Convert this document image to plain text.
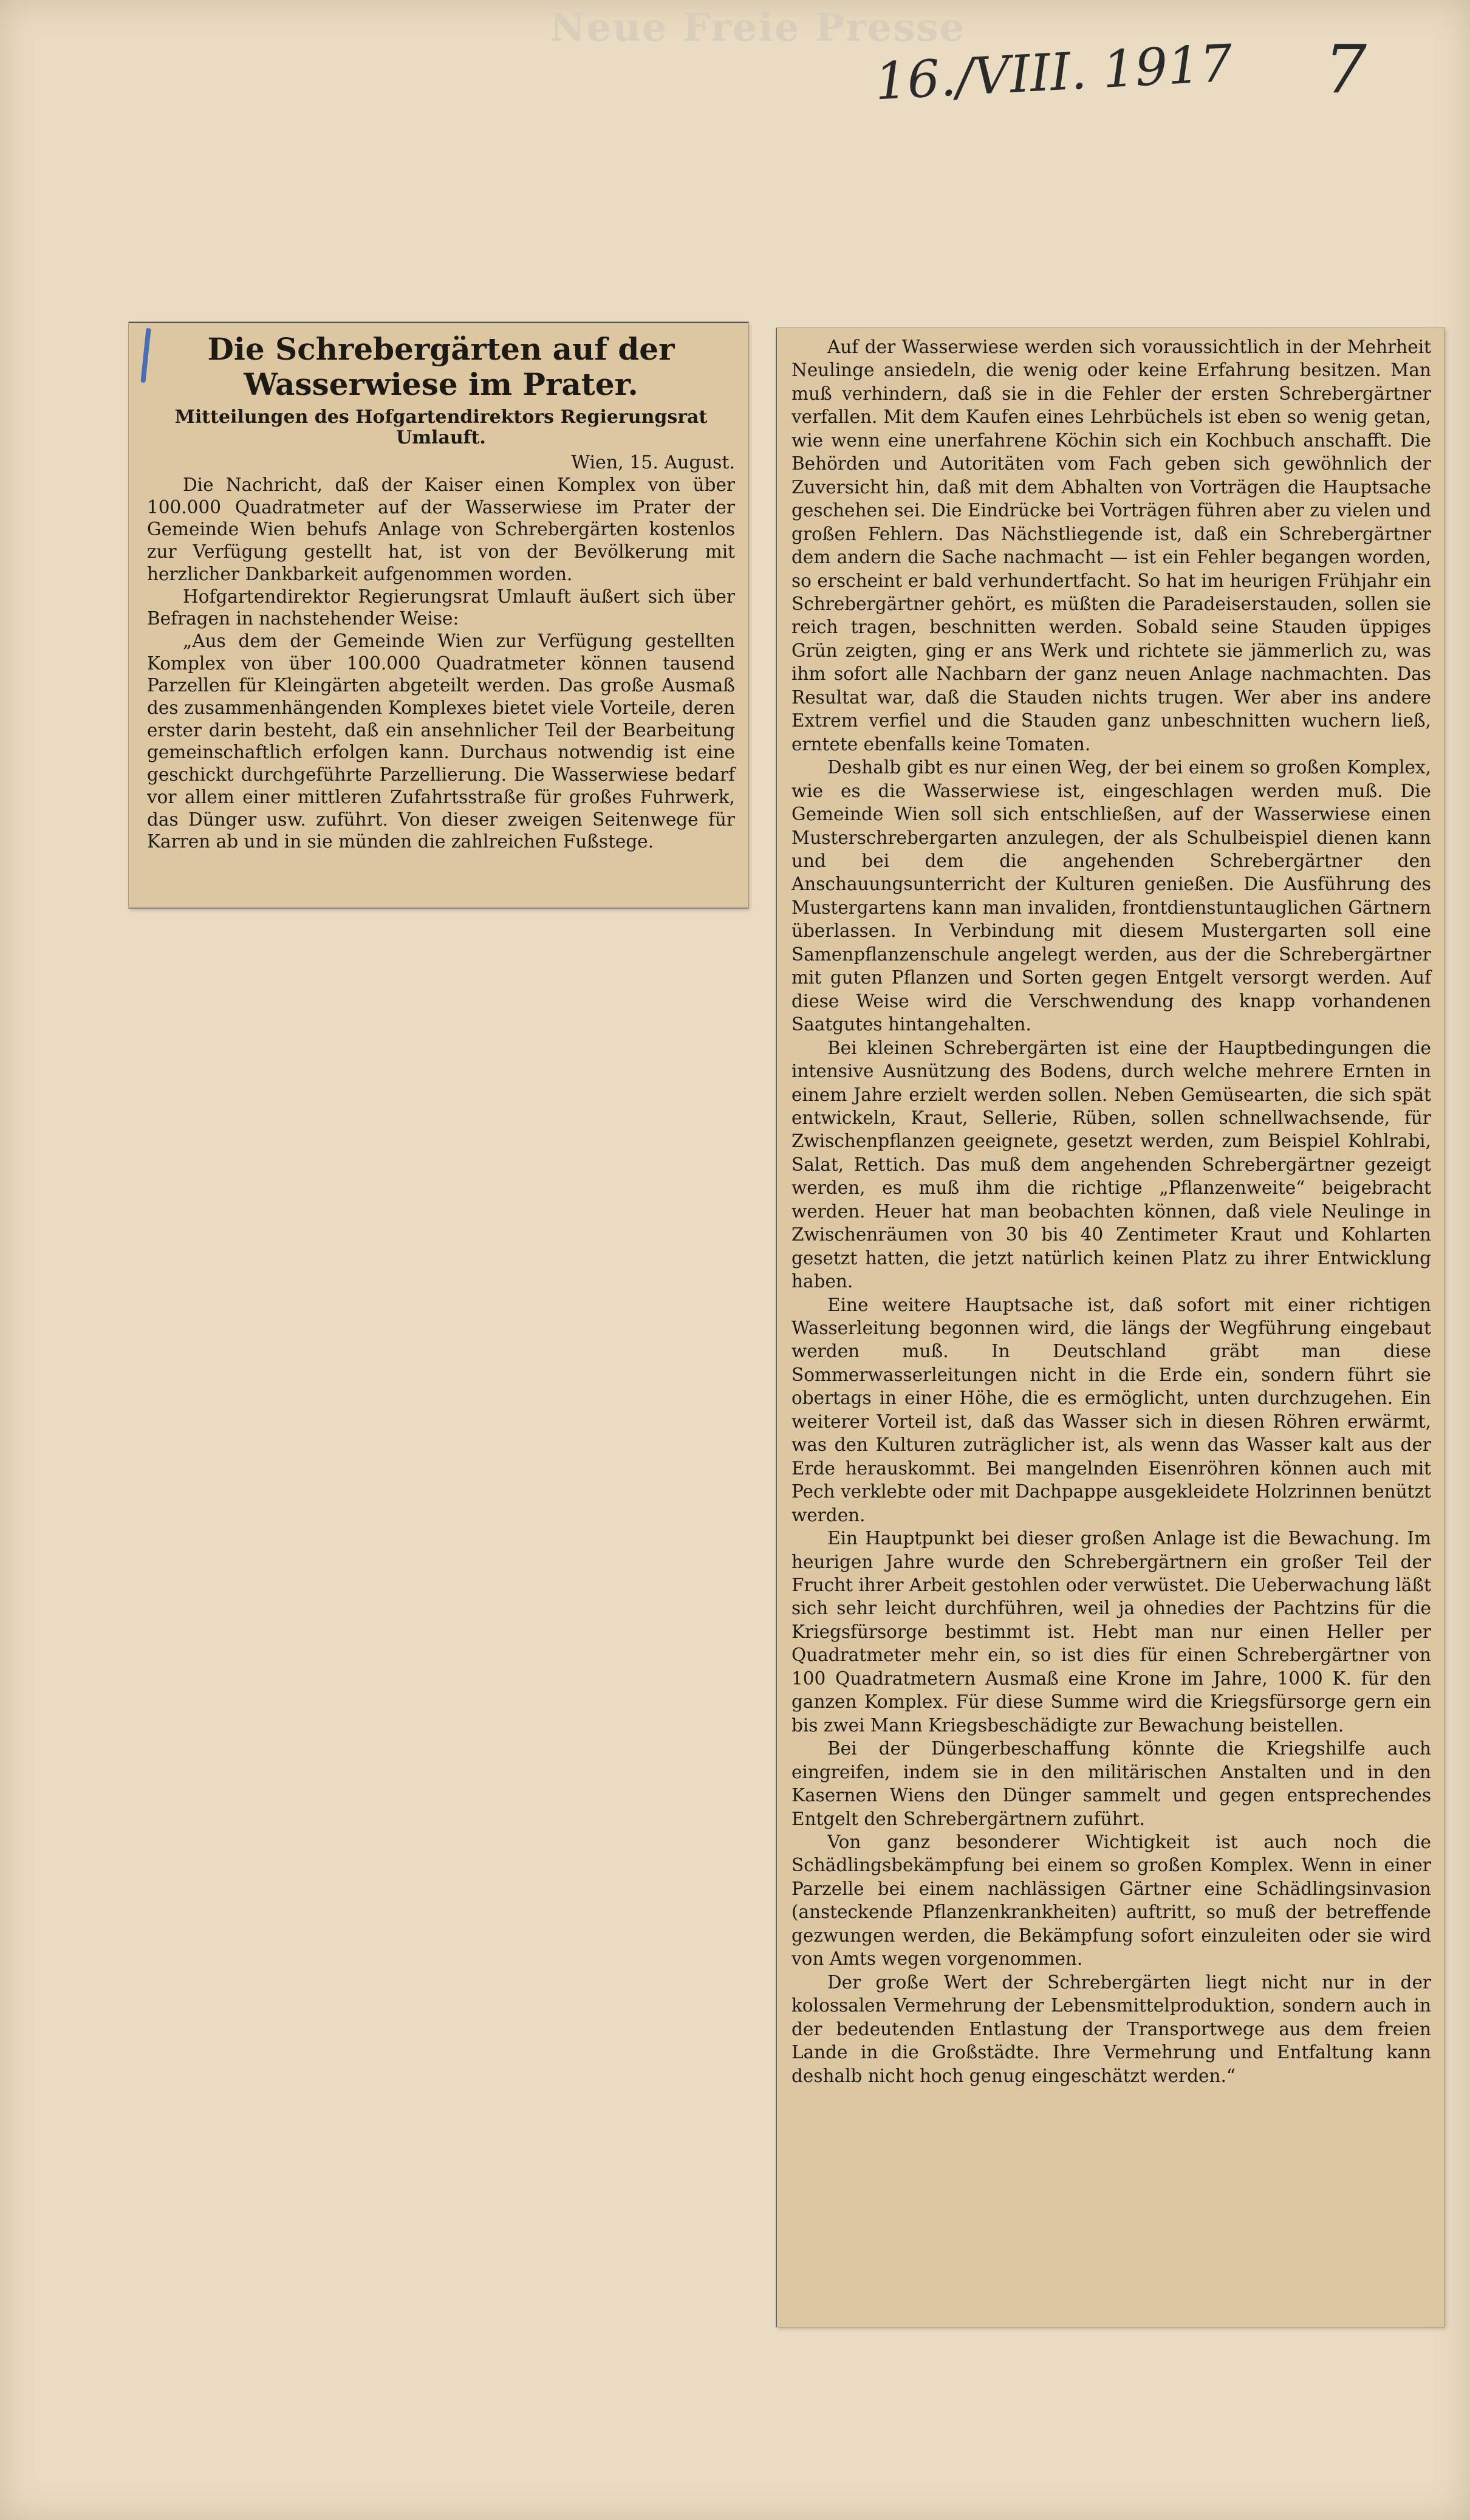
Neue Freie Presse
16./VIII. 1917 7
Die Schrebergärten auf der Wasserwiese im Prater.
Mitteilungen des Hofgartendirektors Regierungsrat Umlauft.

Wien, 15. August.

Die Nachricht, daß der Kaiser einen Komplex von über 100.000 Quadratmeter auf der Wasserwiese im Prater der Gemeinde Wien behufs Anlage von Schrebergärten kostenlos zur Verfügung gestellt hat, ist von der Bevölkerung mit herzlicher Dankbarkeit aufgenommen worden.

Hofgartendirektor Regierungsrat Umlauft äußert sich über Befragen in nachstehender Weise:

„Aus dem der Gemeinde Wien zur Verfügung gestellten Komplex von über 100.000 Quadratmeter können tausend Parzellen für Kleingärten abgeteilt werden. Das große Ausmaß des zusammenhängenden Komplexes bietet viele Vorteile, deren erster darin besteht, daß ein ansehnlicher Teil der Bearbeitung gemeinschaftlich erfolgen kann. Durchaus notwendig ist eine geschickt durchgeführte Parzellierung. Die Wasserwiese bedarf vor allem einer mittleren Zufahrtsstraße für großes Fuhrwerk, das Dünger usw. zuführt. Von dieser zweigen Seitenwege für Karren ab und in sie münden die zahlreichen Fußstege.

Auf der Wasserwiese werden sich voraussichtlich in der Mehrheit Neulinge ansiedeln, die wenig oder keine Erfahrung besitzen. Man muß verhindern, daß sie in die Fehler der ersten Schrebergärtner verfallen. Mit dem Kaufen eines Lehrbüchels ist eben so wenig getan, wie wenn eine unerfahrene Köchin sich ein Kochbuch anschafft. Die Behörden und Autoritäten vom Fach geben sich gewöhnlich der Zuversicht hin, daß mit dem Abhalten von Vorträgen die Hauptsache geschehen sei. Die Eindrücke bei Vorträgen führen aber zu vielen und großen Fehlern. Das Nächstliegende ist, daß ein Schrebergärtner dem andern die Sache nachmacht — ist ein Fehler begangen worden, so erscheint er bald verhundertfacht. So hat im heurigen Frühjahr ein Schrebergärtner gehört, es müßten die Paradeiserstauden, sollen sie reich tragen, beschnitten werden. Sobald seine Stauden üppiges Grün zeigten, ging er ans Werk und richtete sie jämmerlich zu, was ihm sofort alle Nachbarn der ganz neuen Anlage nachmachten. Das Resultat war, daß die Stauden nichts trugen. Wer aber ins andere Extrem verfiel und die Stauden ganz unbeschnitten wuchern ließ, erntete ebenfalls keine Tomaten.

Deshalb gibt es nur einen Weg, der bei einem so großen Komplex, wie es die Wasserwiese ist, eingeschlagen werden muß. Die Gemeinde Wien soll sich entschließen, auf der Wasserwiese einen Musterschrebergarten anzulegen, der als Schulbeispiel dienen kann und bei dem die angehenden Schrebergärtner den Anschauungsunterricht der Kulturen genießen. Die Ausführung des Mustergartens kann man invaliden, frontdienstuntauglichen Gärtnern überlassen. In Verbindung mit diesem Mustergarten soll eine Samenpflanzenschule angelegt werden, aus der die Schrebergärtner mit guten Pflanzen und Sorten gegen Entgelt versorgt werden. Auf diese Weise wird die Verschwendung des knapp vorhandenen Saatgutes hintangehalten.

Bei kleinen Schrebergärten ist eine der Hauptbedingungen die intensive Ausnützung des Bodens, durch welche mehrere Ernten in einem Jahre erzielt werden sollen. Neben Gemüsearten, die sich spät entwickeln, Kraut, Sellerie, Rüben, sollen schnellwachsende, für Zwischenpflanzen geeignete, gesetzt werden, zum Beispiel Kohlrabi, Salat, Rettich. Das muß dem angehenden Schrebergärtner gezeigt werden, es muß ihm die richtige „Pflanzenweite“ beigebracht werden. Heuer hat man beobachten können, daß viele Neulinge in Zwischenräumen von 30 bis 40 Zentimeter Kraut und Kohlarten gesetzt hatten, die jetzt natürlich keinen Platz zu ihrer Entwicklung haben.

Eine weitere Hauptsache ist, daß sofort mit einer richtigen Wasserleitung begonnen wird, die längs der Wegführung eingebaut werden muß. In Deutschland gräbt man diese Sommerwasserleitungen nicht in die Erde ein, sondern führt sie obertags in einer Höhe, die es ermöglicht, unten durchzugehen. Ein weiterer Vorteil ist, daß das Wasser sich in diesen Röhren erwärmt, was den Kulturen zuträglicher ist, als wenn das Wasser kalt aus der Erde herauskommt. Bei mangelnden Eisenröhren können auch mit Pech verklebte oder mit Dachpappe ausgekleidete Holzrinnen benützt werden.

Ein Hauptpunkt bei dieser großen Anlage ist die Bewachung. Im heurigen Jahre wurde den Schrebergärtnern ein großer Teil der Frucht ihrer Arbeit gestohlen oder verwüstet. Die Ueberwachung läßt sich sehr leicht durchführen, weil ja ohnedies der Pachtzins für die Kriegsfürsorge bestimmt ist. Hebt man nur einen Heller per Quadratmeter mehr ein, so ist dies für einen Schrebergärtner von 100 Quadratmetern Ausmaß eine Krone im Jahre, 1000 K. für den ganzen Komplex. Für diese Summe wird die Kriegsfürsorge gern ein bis zwei Mann Kriegsbeschädigte zur Bewachung beistellen.

Bei der Düngerbeschaffung könnte die Kriegshilfe auch eingreifen, indem sie in den militärischen Anstalten und in den Kasernen Wiens den Dünger sammelt und gegen entsprechendes Entgelt den Schrebergärtnern zuführt.

Von ganz besonderer Wichtigkeit ist auch noch die Schädlingsbekämpfung bei einem so großen Komplex. Wenn in einer Parzelle bei einem nachlässigen Gärtner eine Schädlingsinvasion (ansteckende Pflanzenkrankheiten) auftritt, so muß der betreffende gezwungen werden, die Bekämpfung sofort einzuleiten oder sie wird von Amts wegen vorgenommen.

Der große Wert der Schrebergärten liegt nicht nur in der kolossalen Vermehrung der Lebensmittelproduktion, sondern auch in der bedeutenden Entlastung der Transportwege aus dem freien Lande in die Großstädte. Ihre Vermehrung und Entfaltung kann deshalb nicht hoch genug eingeschätzt werden.“
